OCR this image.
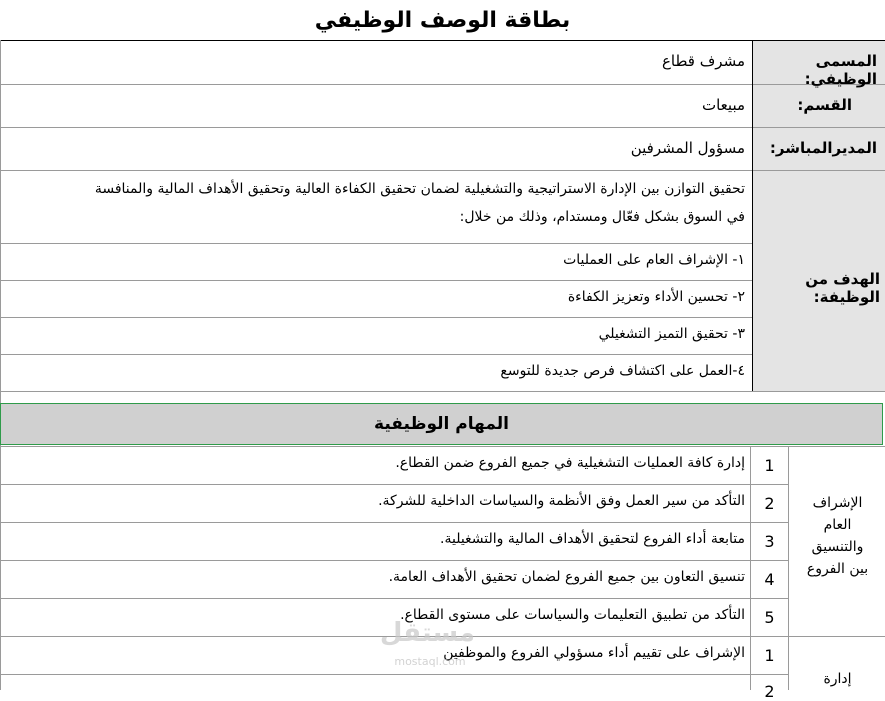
بطاقة الوصف الوظيفي
المسمى الوظيفي:
مشرف قطاع
القسم:
مبيعات
المديرالمباشر:
مسؤول المشرفين
الهدف من الوظيفة:
تحقيق التوازن بين الإدارة الاستراتيجية والتشغيلية لضمان تحقيق الكفاءة العالية وتحقيق الأهداف المالية والمنافسة
في السوق بشكل فعّال ومستدام، وذلك من خلال:
١- الإشراف العام على العمليات
٢- تحسين الأداء وتعزيز الكفاءة
٣- تحقيق التميز التشغيلي
٤-العمل على اكتشاف فرص جديدة للتوسع
المهام الوظيفية
الإشراف
العام
والتنسيق
بين الفروع
1
إدارة كافة العمليات التشغيلية في جميع الفروع ضمن القطاع.
2
التأكد من سير العمل وفق الأنظمة والسياسات الداخلية للشركة.
3
متابعة أداء الفروع لتحقيق الأهداف المالية والتشغيلية.
4
تنسيق التعاون بين جميع الفروع لضمان تحقيق الأهداف العامة.
5
التأكد من تطبيق التعليمات والسياسات على مستوى القطاع.
إدارة
1
الإشراف على تقييم أداء مسؤولي الفروع والموظفين
2
مستقل
mostaql.com
